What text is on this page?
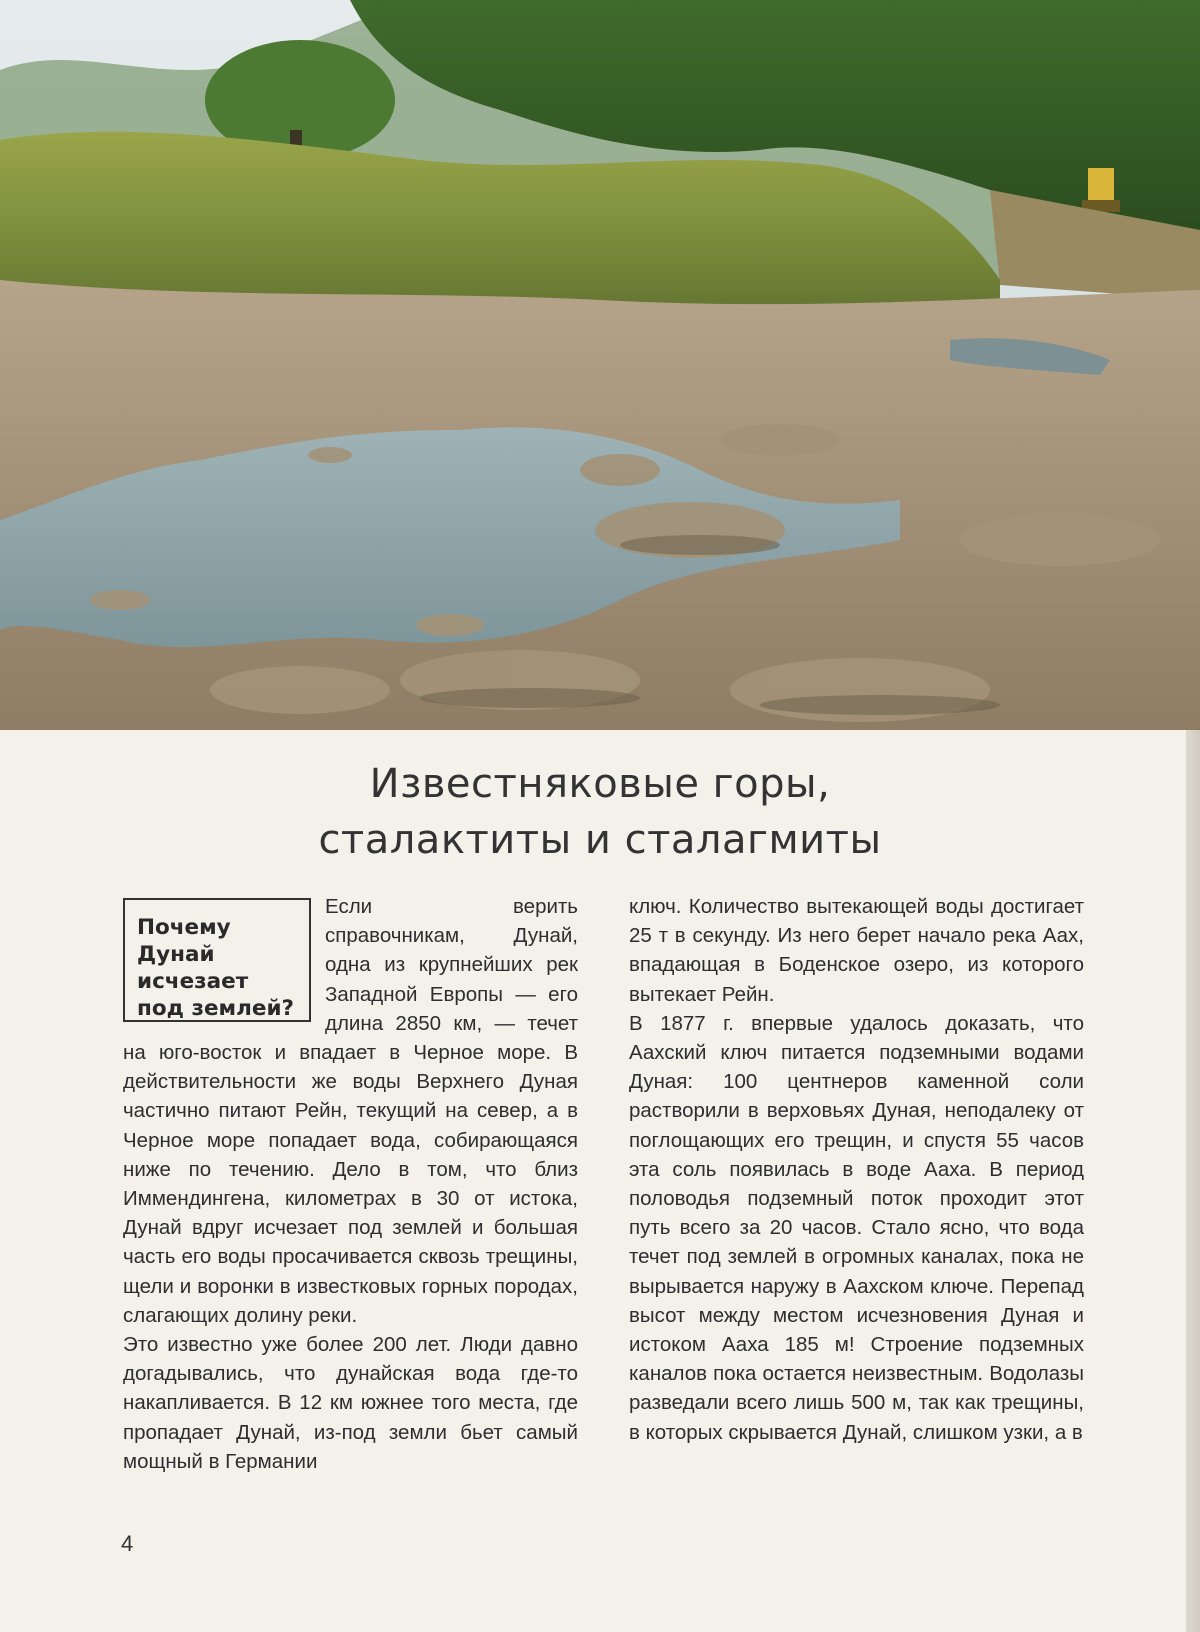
Известняковые горы,
сталактиты и сталагмиты

Почему
Дунай
исчезает
под землей?
Если верить справочникам, Дунай, одна из крупнейших рек Западной Европы — его длина 2850 км, — течет на юго-восток и впадает в Черное море. В действительности же воды Верхнего Дуная частично питают Рейн, текущий на север, а в Черное море попадает вода, собирающаяся ниже по течению. Дело в том, что близ Иммендингена, километрах в 30 от истока, Дунай вдруг исчезает под землей и большая часть его воды просачивается сквозь трещины, щели и воронки в известковых горных породах, слагающих долину реки.

Это известно уже более 200 лет. Люди давно догадывались, что дунайская вода где-то накапливается. В 12 км южнее того места, где пропадает Дунай, из-под земли бьет самый мощный в Германии

ключ. Количество вытекающей воды достигает 25 т в секунду. Из него берет начало река Аах, впадающая в Боденское озеро, из которого вытекает Рейн.

В 1877 г. впервые удалось доказать, что Аахский ключ питается подземными водами Дуная: 100 центнеров каменной соли растворили в верховьях Дуная, неподалеку от поглощающих его трещин, и спустя 55 часов эта соль появилась в воде Ааха. В период половодья подземный поток проходит этот путь всего за 20 часов. Стало ясно, что вода течет под землей в огромных каналах, пока не вырывается наружу в Аахском ключе. Перепад высот между местом исчезновения Дуная и истоком Ааха 185 м! Строение подземных каналов пока остается неизвестным. Водолазы разведали всего лишь 500 м, так как трещины, в которых скрывается Дунай, слишком узки, а в

4
